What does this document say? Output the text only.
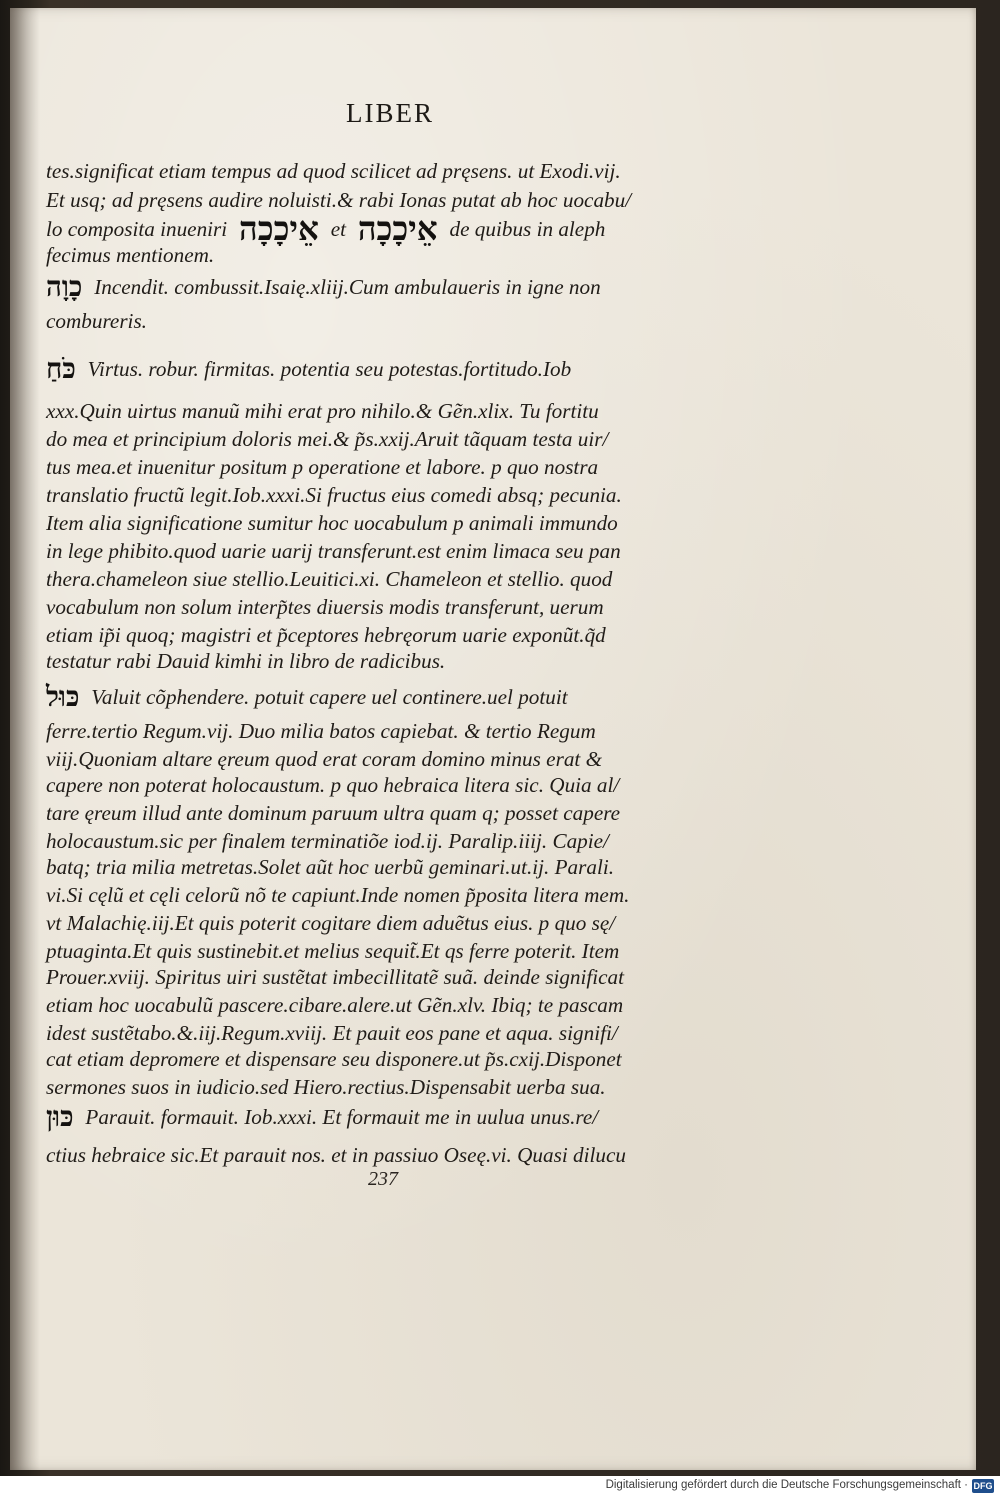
LIBER
tes.significat etiam tempus ad quod scilicet ad pręsens. ut Exodi.vij.
Et usq; ad pręsens audire noluisti.& rabi Ionas putat ab hoc uocabu/
lo composita inueniri אֵיכָכָה et אֵיכָכָה de quibus in aleph
fecimus mentionem.
כָוָה Incendit. combussit.Isaię.xliij.Cum ambulaueris in igne non
combureris.
כֹּחַ Virtus. robur. firmitas. potentia seu potestas.fortitudo.Iob
xxx.Quin uirtus manuũ mihi erat pro nihilo.& Gẽn.xlix. Tu fortitu
do mea et principium doloris mei.& p̃s.xxij.Aruit tãquam testa uir/
tus mea.et inuenitur positum p operatione et labore. p quo nostra
translatio fructũ legit.Iob.xxxi.Si fructus eius comedi absq; pecunia.
Item alia significatione sumitur hoc uocabulum p animali immundo
in lege phibito.quod uarie uarij transferunt.est enim limaca seu pan
thera.chameleon siue stellio.Leuitici.xi. Chameleon et stellio. quod
vocabulum non solum interp̃tes diuersis modis transferunt, uerum
etiam ip̃i quoq; magistri et p̃ceptores hebręorum uarie exponũt.q̃d
testatur rabi Dauid kimhi in libro de radicibus.
כּוּל Valuit cõphendere. potuit capere uel continere.uel potuit
ferre.tertio Regum.vij. Duo milia batos capiebat. & tertio Regum
viij.Quoniam altare ęreum quod erat coram domino minus erat &
capere non poterat holocaustum. p quo hebraica litera sic. Quia al/
tare ęreum illud ante dominum paruum ultra quam q; posset capere
holocaustum.sic per finalem terminatiõe iod.ij. Paralip.iiij. Capie/
batq; tria milia metretas.Solet aũt hoc uerbũ geminari.ut.ij. Parali.
vi.Si cęlũ et cęli celorũ nõ te capiunt.Inde nomen p̃posita litera mem.
vt Malachię.iij.Et quis poterit cogitare diem aduẽtus eius. p quo sę/
ptuaginta.Et quis sustinebit.et melius sequit̃.Et qs ferre poterit. Item
Prouer.xviij. Spiritus uiri sustẽtat imbecillitatẽ suã. deinde significat
etiam hoc uocabulũ pascere.cibare.alere.ut Gẽn.xlv. Ibiq; te pascam
idest sustẽtabo.&.iij.Regum.xviij. Et pauit eos pane et aqua. signifi/
cat etiam depromere et dispensare seu disponere.ut p̃s.cxij.Disponet
sermones suos in iudicio.sed Hiero.rectius.Dispensabit uerba sua.
כּוּן Parauit. formauit. Iob.xxxi. Et formauit me in uulua unus.re/
ctius hebraice sic.Et parauit nos. et in passiuo Oseę.vi. Quasi dilucu
237
Digitalisierung gefördert durch die Deutsche Forschungsgemeinschaft · DFG
